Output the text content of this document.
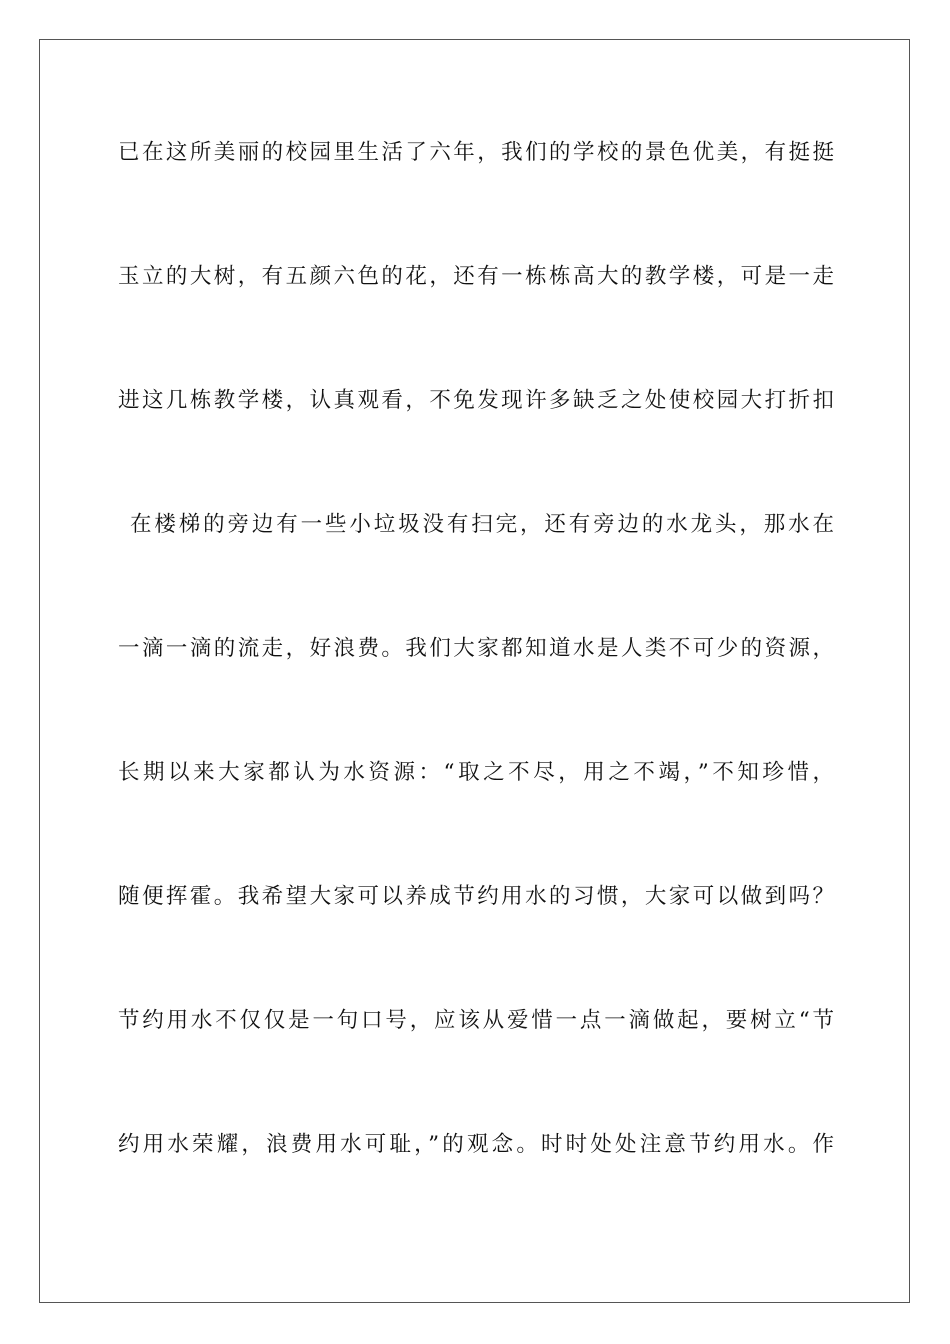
已在这所美丽的校园里生活了六年，我们的学校的景色优美，有挺挺
玉立的大树，有五颜六色的花，还有一栋栋高大的教学楼，可是一走
进这几栋教学楼，认真观看，不免发现许多缺乏之处使校园大打折扣
在楼梯的旁边有一些小垃圾没有扫完，还有旁边的水龙头，那水在
一滴一滴的流走，好浪费。我们大家都知道水是人类不可少的资源，
长期以来大家都认为水资源：“取之不尽，用之不竭，”不知珍惜，
随便挥霍。我希望大家可以养成节约用水的习惯，大家可以做到吗？
节约用水不仅仅是一句口号，应该从爱惜一点一滴做起，要树立“节
约用水荣耀，浪费用水可耻，”的观念。时时处处注意节约用水。作
